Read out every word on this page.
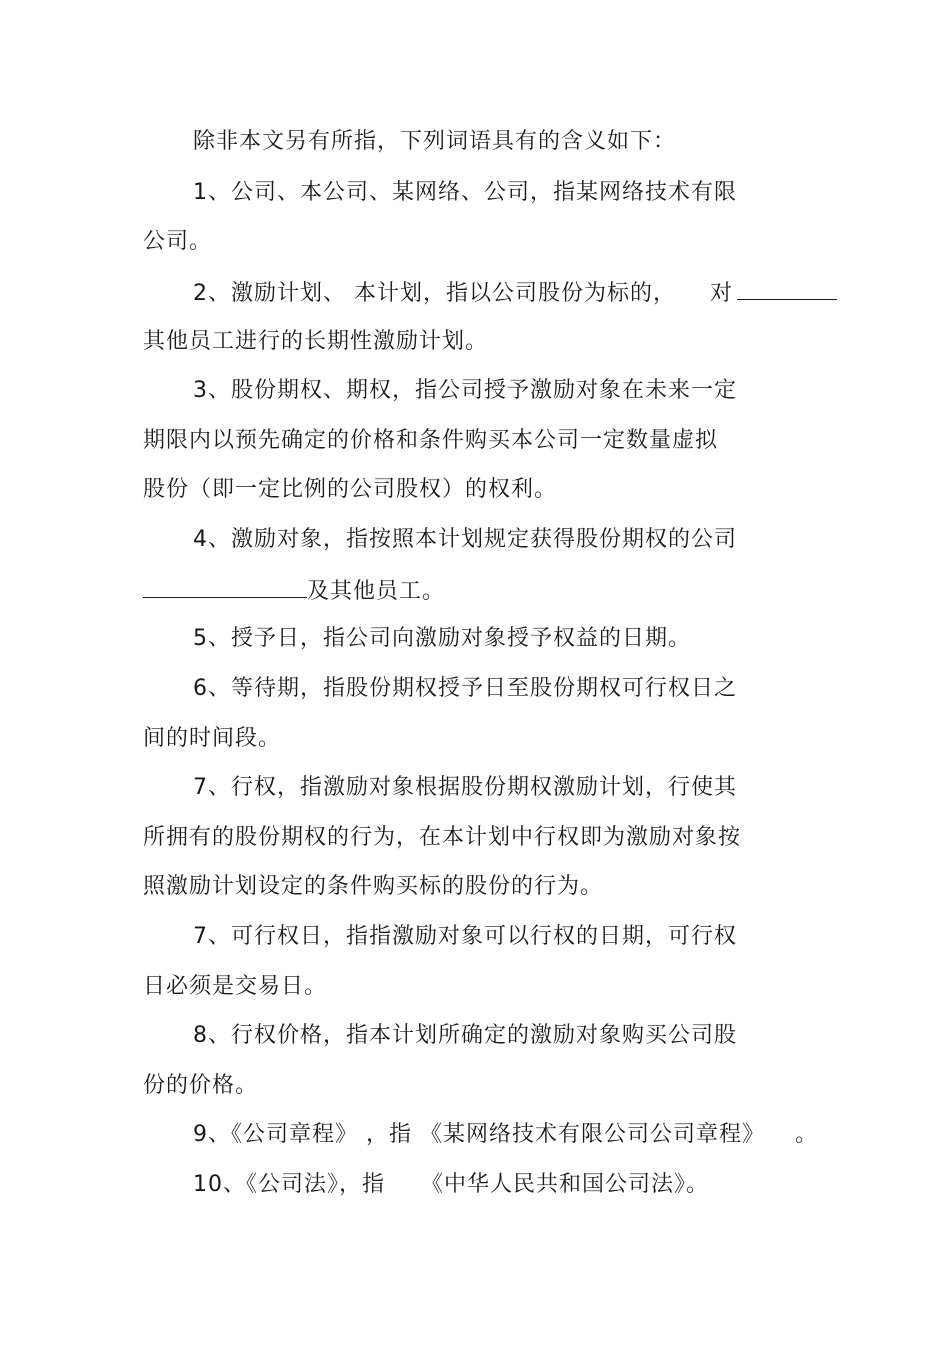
除非本文另有所指，下列词语具有的含义如下：
1、公司、本公司、某网络、公司，指某网络技术有限
公司。
2、激励计划、 本计划，指以公司股份为标的， 对
其他员工进行的长期性激励计划。
3、股份期权、期权，指公司授予激励对象在未来一定
期限内以预先确定的价格和条件购买本公司一定数量虚拟
股份（即一定比例的公司股权）的权利。
4、激励对象，指按照本计划规定获得股份期权的公司
及其他员工。
5、授予日，指公司向激励对象授予权益的日期。
6、等待期，指股份期权授予日至股份期权可行权日之
间的时间段。
7、行权，指激励对象根据股份期权激励计划，行使其
所拥有的股份期权的行为，在本计划中行权即为激励对象按
照激励计划设定的条件购买标的股份的行为。
7、可行权日，指指激励对象可以行权的日期，可行权
日必须是交易日。
8、行权价格，指本计划所确定的激励对象购买公司股
份的价格。
9、《公司章程》 ，指 《某网络技术有限公司公司章程》 。
10、《公司法》，指 《中华人民共和国公司法》。
